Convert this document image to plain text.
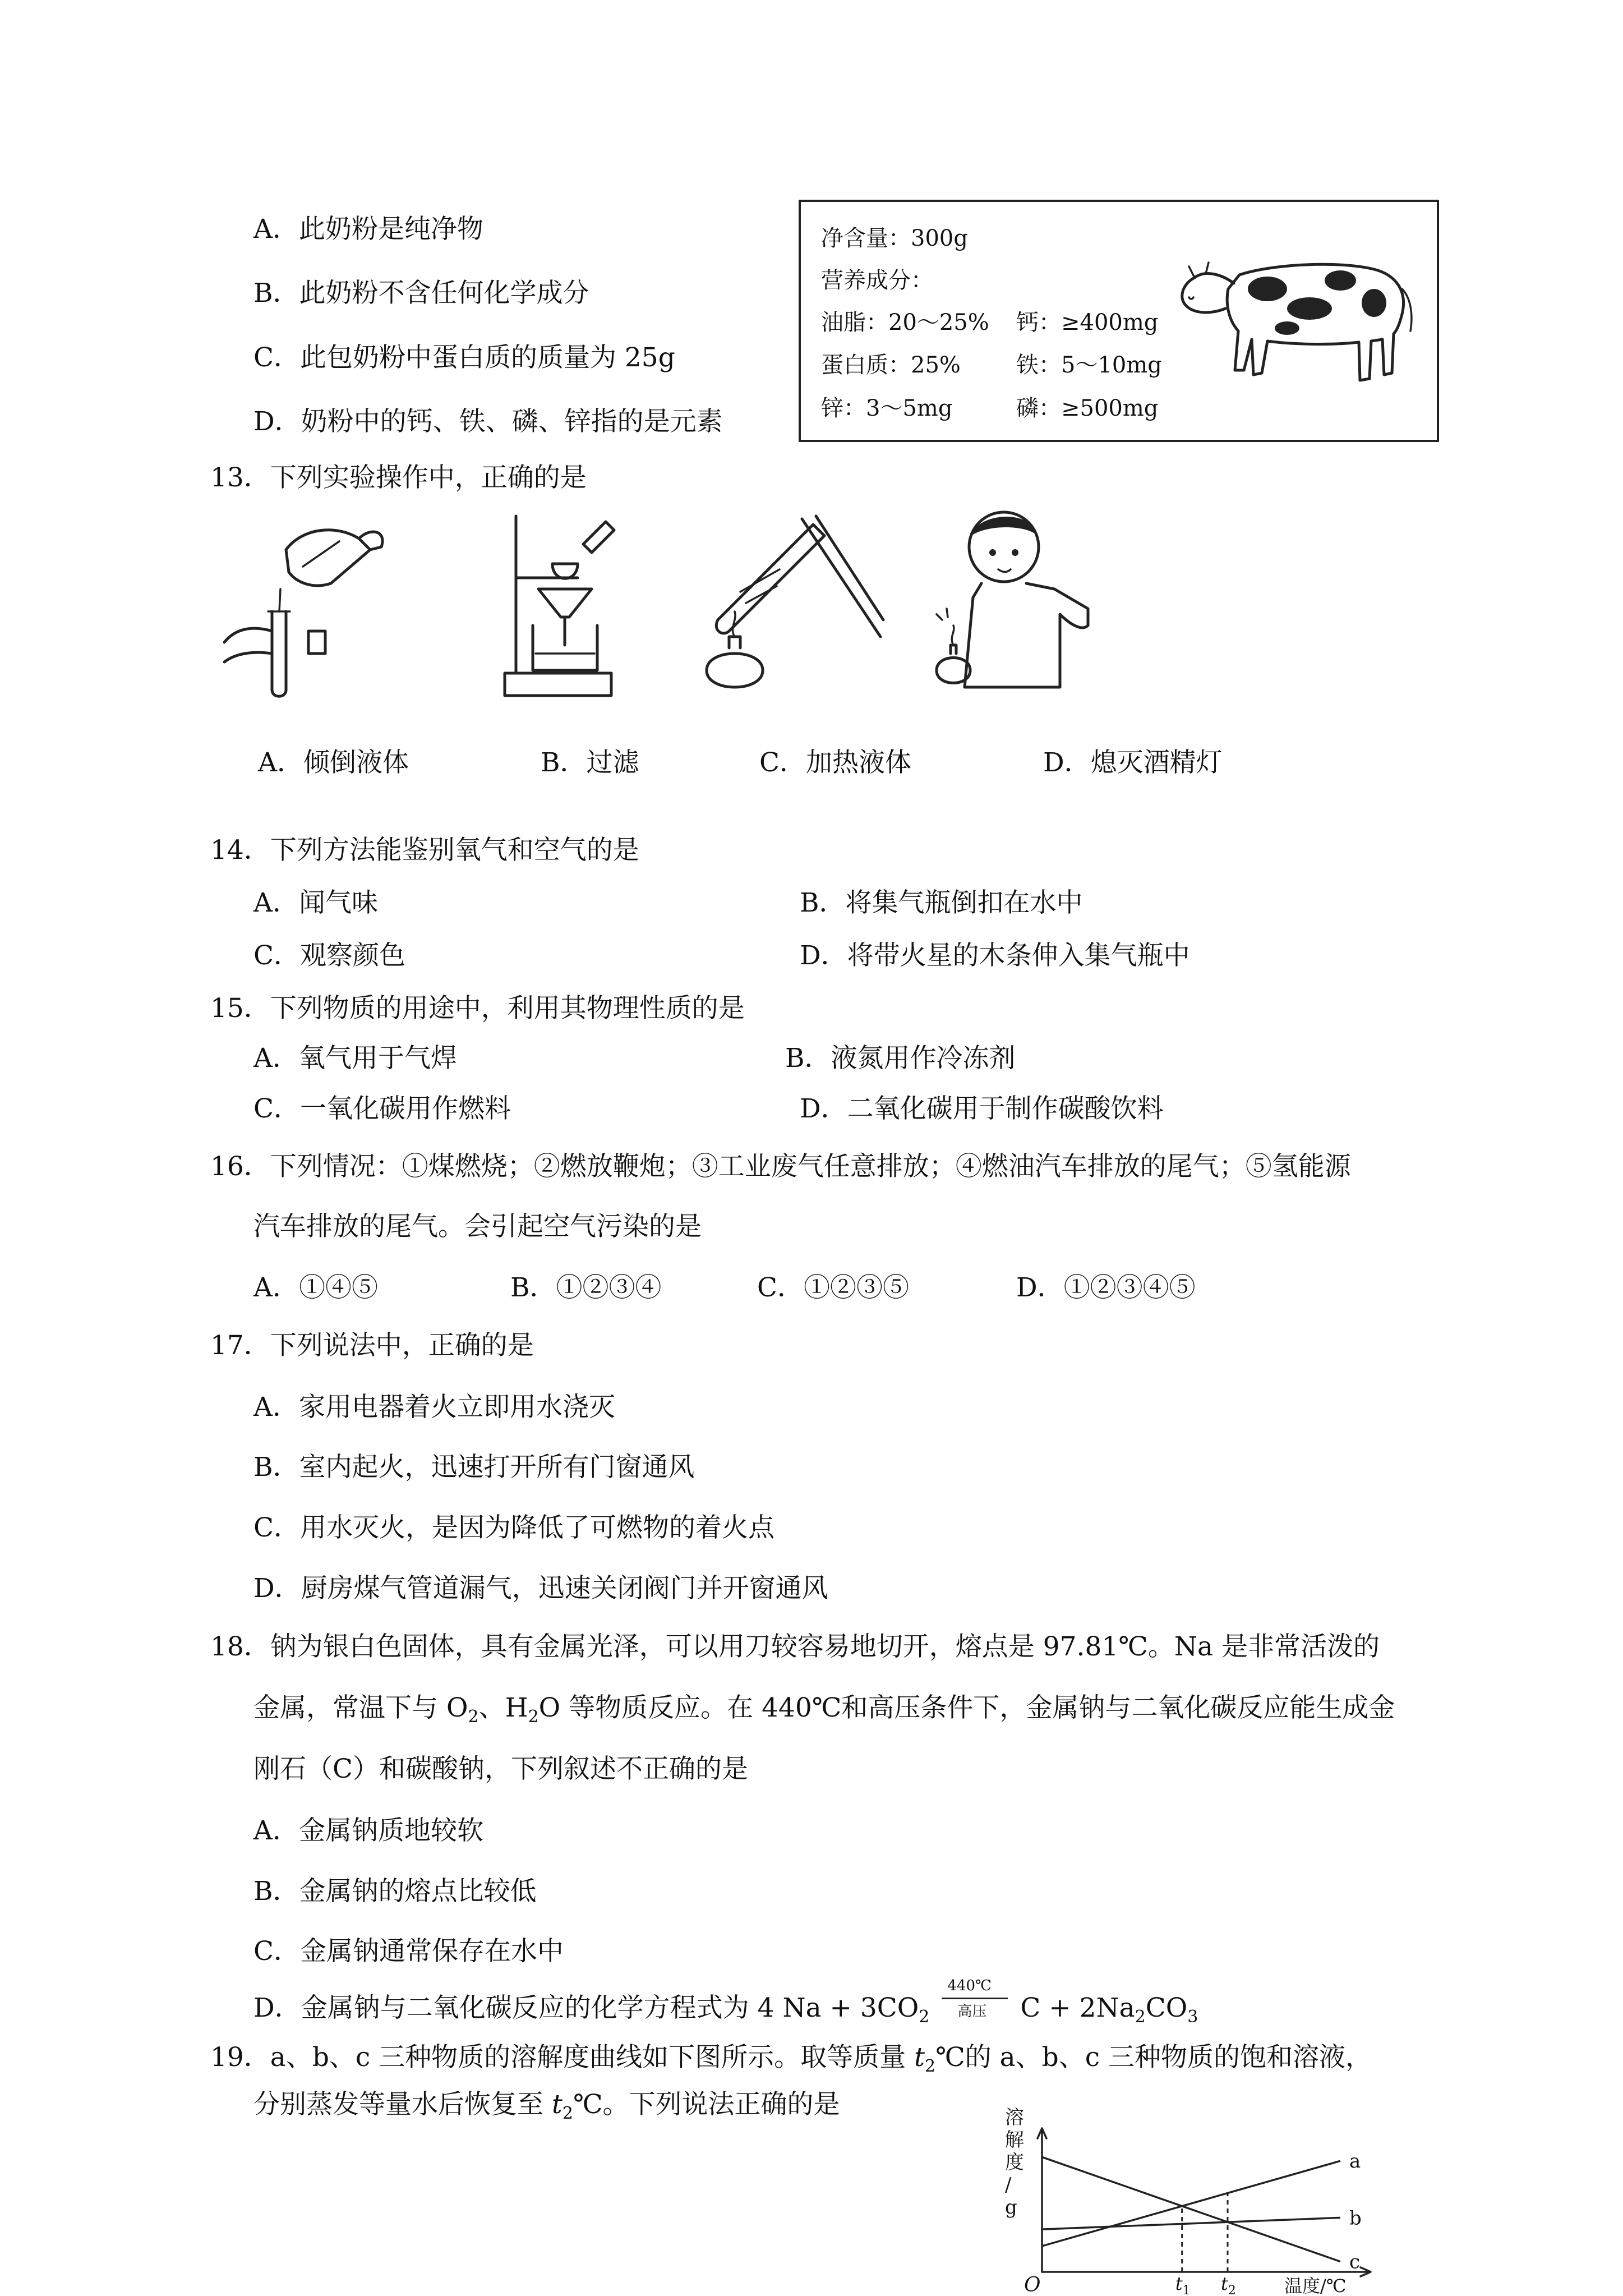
A．此奶粉是纯净物
B．此奶粉不含任何化学成分
C．此包奶粉中蛋白质的质量为 25g
D．奶粉中的钙、铁、磷、锌指的是元素
净含量：300g
营养成分：
油脂：20～25% 钙：≥400mg
蛋白质：25% 铁：5～10mg
锌：3～5mg	磷：≥500mg
13．下列实验操作中，正确的是
A．倾倒液体	B．过滤	C．加热液体	D．熄灭酒精灯
14．下列方法能鉴别氧气和空气的是
A．闻气味	B．将集气瓶倒扣在水中
C．观察颜色	D．将带火星的木条伸入集气瓶中
15．下列物质的用途中，利用其物理性质的是
A．氧气用于气焊	B．液氮用作冷冻剂
C．一氧化碳用作燃料	D．二氧化碳用于制作碳酸饮料
16．下列情况：①煤燃烧；②燃放鞭炮；③工业废气任意排放；④燃油汽车排放的尾气；⑤氢能源
汽车排放的尾气。会引起空气污染的是
A．①④⑤	B．①②③④	C．①②③⑤	D．①②③④⑤
17．下列说法中，正确的是
A．家用电器着火立即用水浇灭
B．室内起火，迅速打开所有门窗通风
C．用水灭火，是因为降低了可燃物的着火点
D．厨房煤气管道漏气，迅速关闭阀门并开窗通风
18．钠为银白色固体，具有金属光泽，可以用刀较容易地切开，熔点是 97.81℃。Na 是非常活泼的
金属，常温下与 $O_2$、$H_2O$ 等物质反应。在 440℃和高压条件下，金属钠与二氧化碳反应能生成金
刚石（C）和碳酸钠，下列叙述不正确的是
A．金属钠质地较软
B．金属钠的熔点比较低
C．金属钠通常保存在水中
D．金属钠与二氧化碳反应的化学方程式为 4 $Na + 3CO_2$
440℃
高压 $C + 2Na_2CO_3$
19．a、b、c 三种物质的溶解度曲线如下图所示。取等质量 $t_2℃$的 a、b、c 三种物质的饱和溶液，
分别蒸发等量水后恢复至 $t_2℃$。下列说法正确的是	溶解度/ g
O	温度/℃
a
b
c
$t_1$ $t_2$
